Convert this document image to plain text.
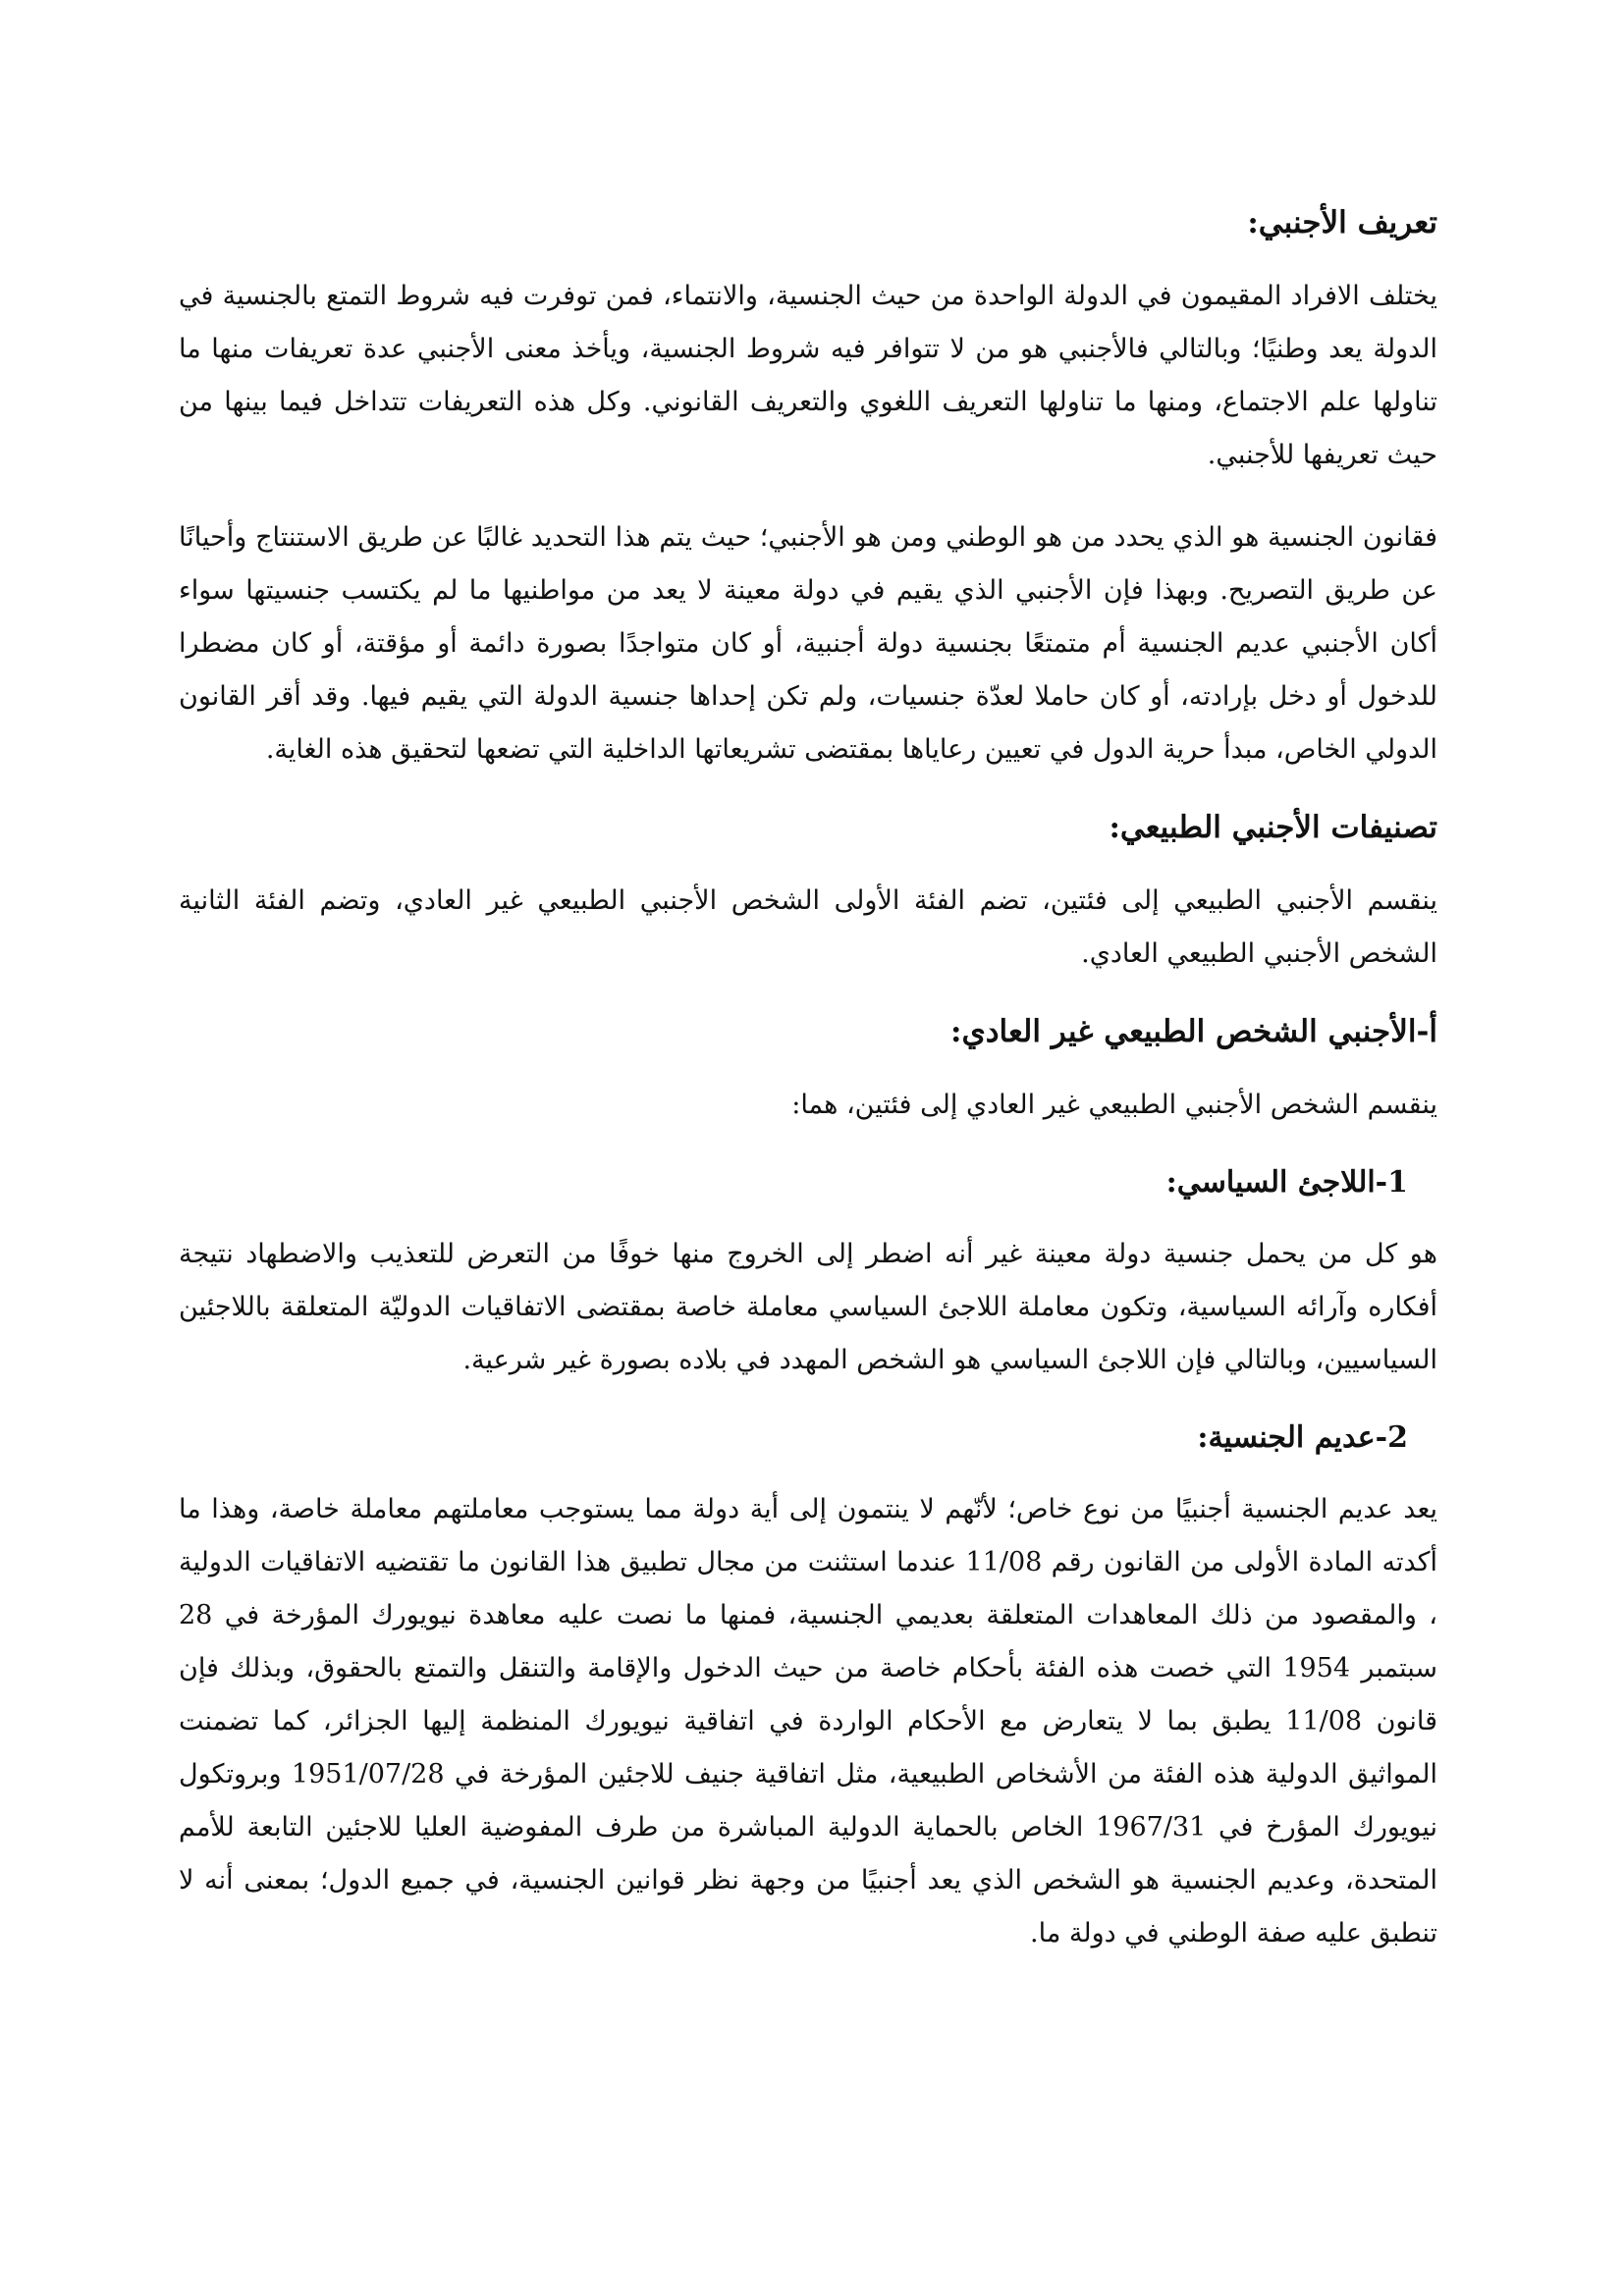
تعريف الأجنبي:

يختلف الافراد المقيمون في الدولة الواحدة من حيث الجنسية، والانتماء، فمن توفرت فيه شروط التمتع بالجنسية في الدولة يعد وطنيًا؛ وبالتالي فالأجنبي هو من لا تتوافر فيه شروط الجنسية، ويأخذ معنى الأجنبي عدة تعريفات منها ما تناولها علم الاجتماع، ومنها ما تناولها التعريف اللغوي والتعريف القانوني. وكل هذه التعريفات تتداخل فيما بينها من حيث تعريفها للأجنبي.

فقانون الجنسية هو الذي يحدد من هو الوطني ومن هو الأجنبي؛ حيث يتم هذا التحديد غالبًا عن طريق الاستنتاج وأحيانًا عن طريق التصريح. وبهذا فإن الأجنبي الذي يقيم في دولة معينة لا يعد من مواطنيها ما لم يكتسب جنسيتها سواء أكان الأجنبي عديم الجنسية أم متمتعًا بجنسية دولة أجنبية، أو كان متواجدًا بصورة دائمة أو مؤقتة، أو كان مضطرا للدخول أو دخل بإرادته، أو كان حاملا لعدّة جنسيات، ولم تكن إحداها جنسية الدولة التي يقيم فيها. وقد أقر القانون الدولي الخاص، مبدأ حرية الدول في تعيين رعاياها بمقتضى تشريعاتها الداخلية التي تضعها لتحقيق هذه الغاية.

تصنيفات الأجنبي الطبيعي:

ينقسم الأجنبي الطبيعي إلى فئتين، تضم الفئة الأولى الشخص الأجنبي الطبيعي غير العادي، وتضم الفئة الثانية الشخص الأجنبي الطبيعي العادي.

أ-الأجنبي الشخص الطبيعي غير العادي:

ينقسم الشخص الأجنبي الطبيعي غير العادي إلى فئتين، هما:

1-اللاجئ السياسي:

هو كل من يحمل جنسية دولة معينة غير أنه اضطر إلى الخروج منها خوفًا من التعرض للتعذيب والاضطهاد نتيجة أفكاره وآرائه السياسية، وتكون معاملة اللاجئ السياسي معاملة خاصة بمقتضى الاتفاقيات الدوليّة المتعلقة باللاجئين السياسيين، وبالتالي فإن اللاجئ السياسي هو الشخص المهدد في بلاده بصورة غير شرعية.

2-عديم الجنسية:

يعد عديم الجنسية أجنبيًا من نوع خاص؛ لأنّهم لا ينتمون إلى أية دولة مما يستوجب معاملتهم معاملة خاصة، وهذا ما أكدته المادة الأولى من القانون رقم 11/08 عندما استثنت من مجال تطبيق هذا القانون ما تقتضيه الاتفاقيات الدولية ، والمقصود من ذلك المعاهدات المتعلقة بعديمي الجنسية، فمنها ما نصت عليه معاهدة نيويورك المؤرخة في 28 سبتمبر 1954 التي خصت هذه الفئة بأحكام خاصة من حيث الدخول والإقامة والتنقل والتمتع بالحقوق، وبذلك فإن قانون 11/08 يطبق بما لا يتعارض مع الأحكام الواردة في اتفاقية نيويورك المنظمة إليها الجزائر، كما تضمنت المواثيق الدولية هذه الفئة من الأشخاص الطبيعية، مثل اتفاقية جنيف للاجئين المؤرخة في 1951/07/28 وبروتكول نيويورك المؤرخ في 1967/31 الخاص بالحماية الدولية المباشرة من طرف المفوضية العليا للاجئين التابعة للأمم المتحدة، وعديم الجنسية هو الشخص الذي يعد أجنبيًا من وجهة نظر قوانين الجنسية، في جميع الدول؛ بمعنى أنه لا تنطبق عليه صفة الوطني في دولة ما.
